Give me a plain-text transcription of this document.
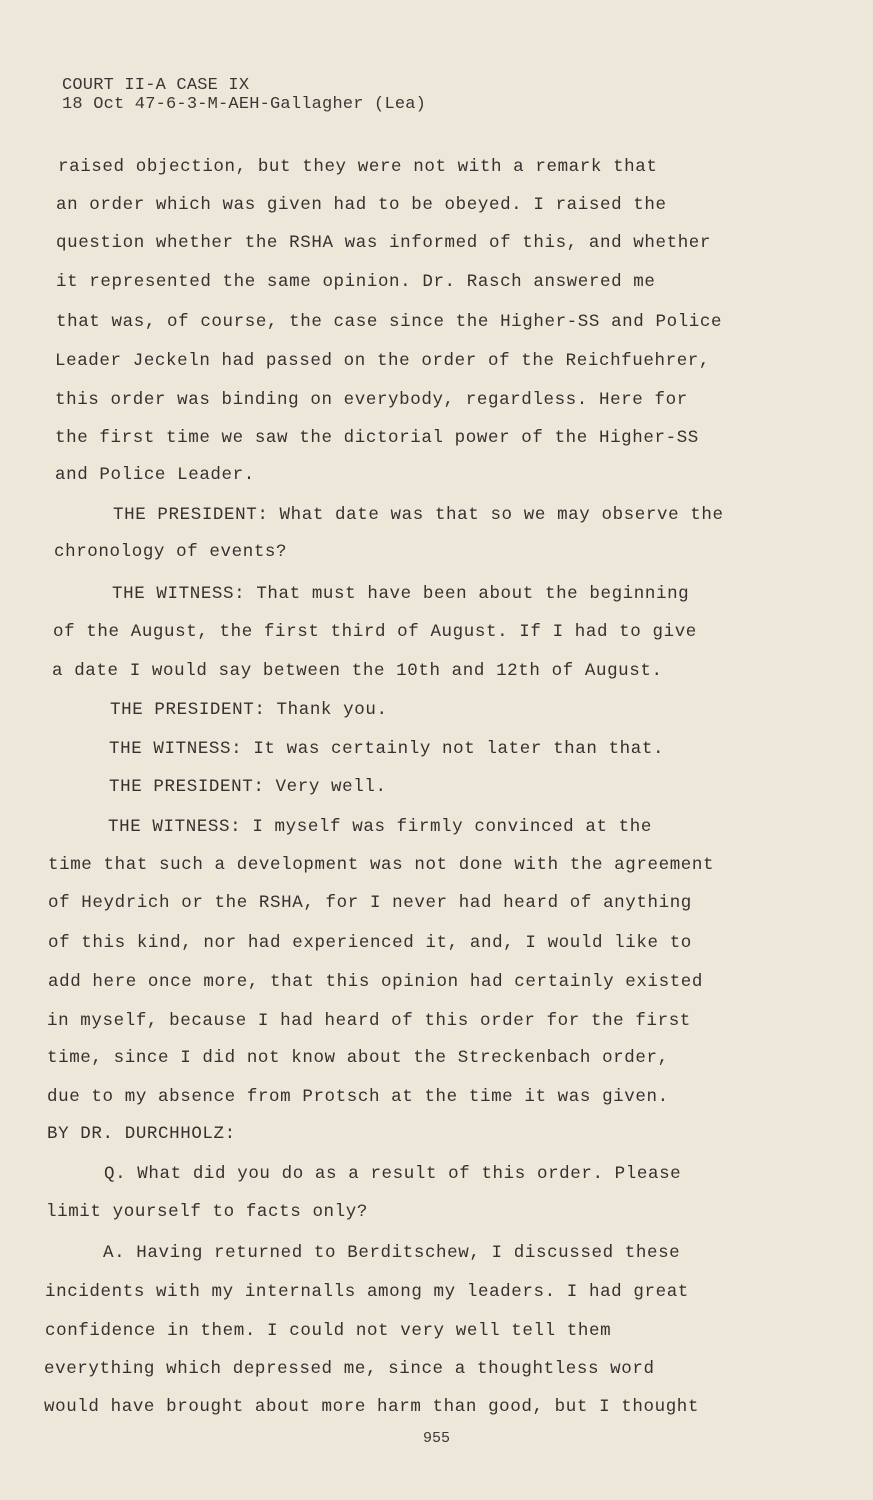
COURT II-A CASE IX
18 Oct 47-6-3-M-AEH-Gallagher (Lea)
raised objection, but they were not with a remark that
an order which was given had to be obeyed. I raised the
question whether the RSHA was informed of this, and whether
it represented the same opinion. Dr. Rasch answered me
that was, of course, the case since the Higher-SS and Police
Leader Jeckeln had passed on the order of the Reichfuehrer,
this order was binding on everybody, regardless. Here for
the first time we saw the dictorial power of the Higher-SS
and Police Leader.
THE PRESIDENT: What date was that so we may observe the
chronology of events?
THE WITNESS: That must have been about the beginning
of the August, the first third of August. If I had to give
a date I would say between the 10th and 12th of August.
THE PRESIDENT: Thank you.
THE WITNESS: It was certainly not later than that.
THE PRESIDENT: Very well.
THE WITNESS: I myself was firmly convinced at the
time that such a development was not done with the agreement
of Heydrich or the RSHA, for I never had heard of anything
of this kind, nor had experienced it, and, I would like to
add here once more, that this opinion had certainly existed
in myself, because I had heard of this order for the first
time, since I did not know about the Streckenbach order,
due to my absence from Protsch at the time it was given.
BY DR. DURCHHOLZ:
Q. What did you do as a result of this order. Please
limit yourself to facts only?
A. Having returned to Berditschew, I discussed these
incidents with my internalls among my leaders. I had great
confidence in them. I could not very well tell them
everything which depressed me, since a thoughtless word
would have brought about more harm than good, but I thought
955
